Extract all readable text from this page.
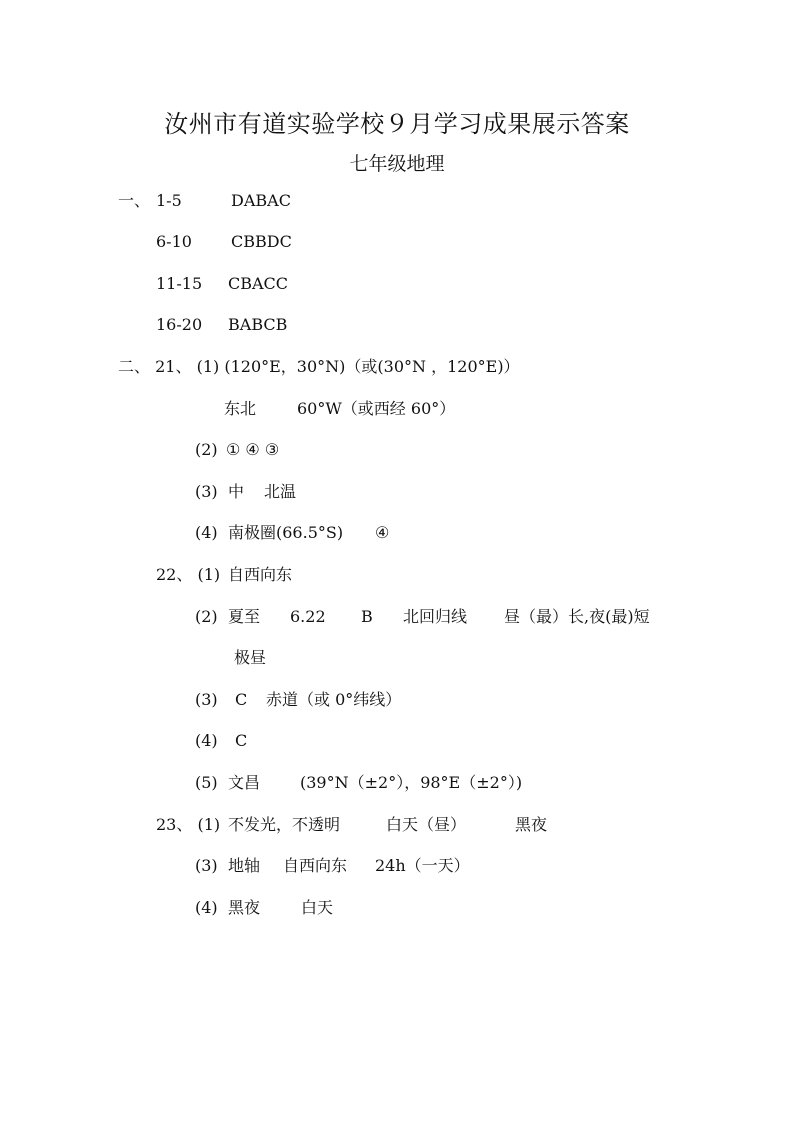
汝州市有道实验学校９月学习成果展示答案
七年级地理
一、 1-5	DABAC
6-10 CBBDC
11-15 CBACC
16-20 BABCB
二、 21、 (1) (120°E，30°N)（或(30°N ，120°E)）
东北	60°W（或西经 60°）
(2) ① ④ ③
(3) 中 北温
(4) 南极圈(66.5°S) ④
22、 (1) 自西向东
(2) 夏至 6.22 B 北回归线 昼（最）长,夜(最)短
极昼
(3) C 赤道（或 0°纬线）
(4) C
(5) 文昌 (39°N（±2°），98°E（±2°）)
23、 (1) 不发光，不透明	白天（昼）	黑夜
(3) 地轴 自西向东 24h（一天）
(4) 黑夜	白天
